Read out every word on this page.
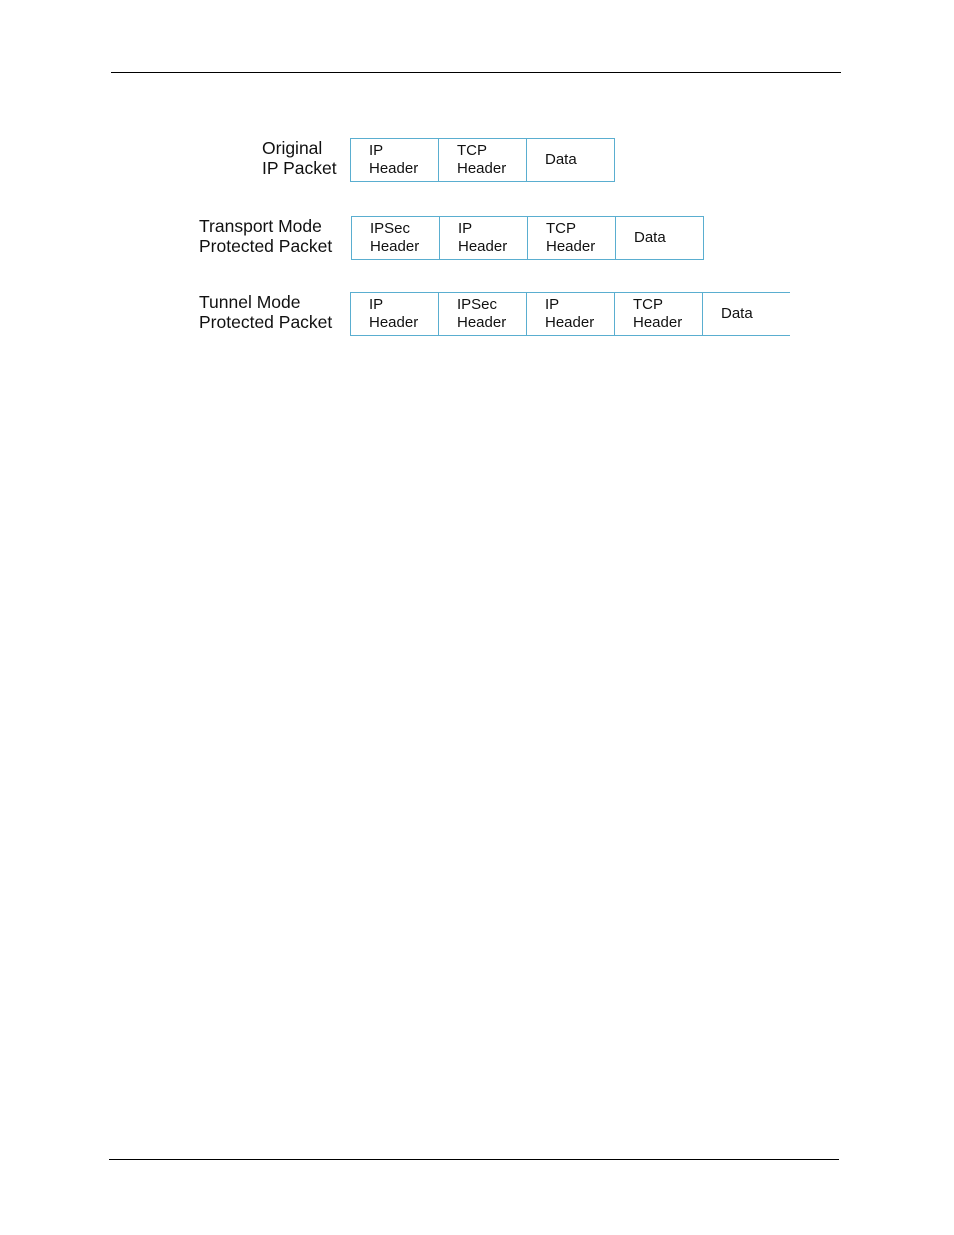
Original
IP Packet
IP
Header
TCP
Header
Data
Transport Mode
Protected Packet
IPSec
Header
IP
Header
TCP
Header
Data
Tunnel Mode
Protected Packet
IP
Header
IPSec
Header
IP
Header
TCP
Header
Data
